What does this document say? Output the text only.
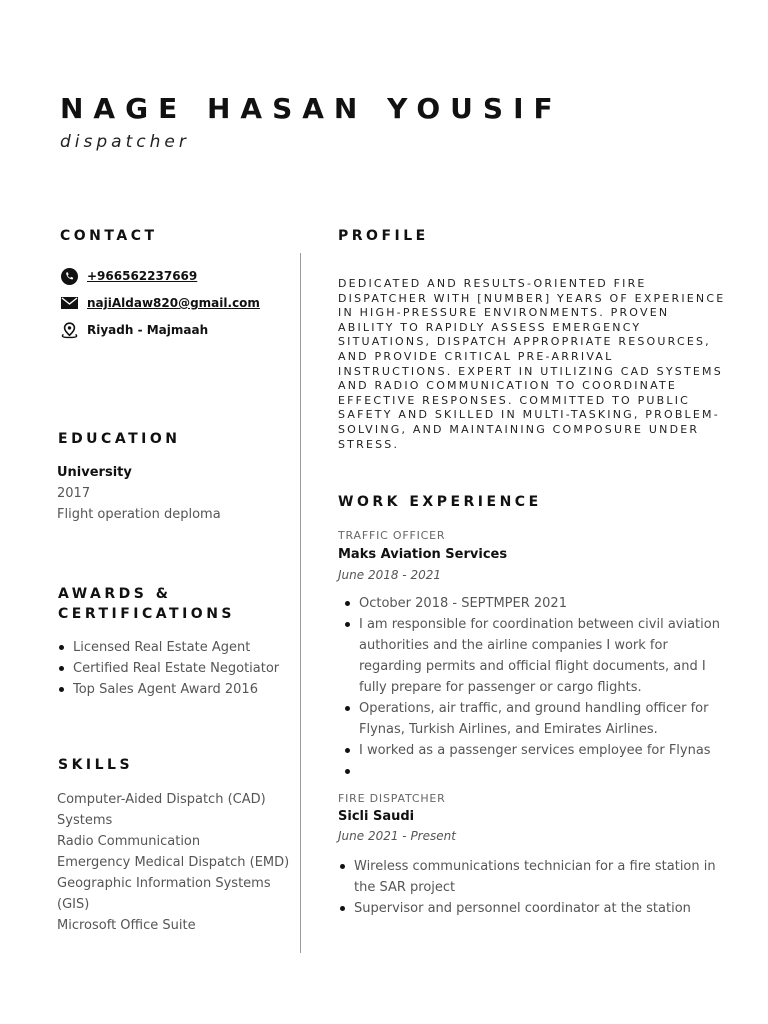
NAGE HASAN YOUSIF
dispatcher
CONTACT
+966562237669
najiAldaw820@gmail.com
Riyadh - Majmaah
EDUCATION
University
2017
Flight operation deploma
AWARDS &
CERTIFICATIONS
Licensed Real Estate Agent
Certified Real Estate Negotiator
Top Sales Agent Award 2016
SKILLS
Computer-Aided Dispatch (CAD)
Systems
Radio Communication
Emergency Medical Dispatch (EMD)
Geographic Information Systems
(GIS)
Microsoft Office Suite
PROFILE
DEDICATED AND RESULTS-ORIENTED FIRE DISPATCHER WITH [NUMBER] YEARS OF EXPERIENCE IN HIGH-PRESSURE ENVIRONMENTS. PROVEN ABILITY TO RAPIDLY ASSESS EMERGENCY SITUATIONS, DISPATCH APPROPRIATE RESOURCES, AND PROVIDE CRITICAL PRE-ARRIVAL INSTRUCTIONS. EXPERT IN UTILIZING CAD SYSTEMS AND RADIO COMMUNICATION TO COORDINATE EFFECTIVE RESPONSES. COMMITTED TO PUBLIC SAFETY AND SKILLED IN MULTI-TASKING, PROBLEM-SOLVING, AND MAINTAINING COMPOSURE UNDER STRESS.
WORK EXPERIENCE
TRAFFIC OFFICER
Maks Aviation Services
June 2018 - 2021
October 2018 - SEPTMPER 2021
I am responsible for coordination between civil aviation authorities and the airline companies I work for regarding permits and official flight documents, and I fully prepare for passenger or cargo flights.
Operations, air traffic, and ground handling officer for Flynas, Turkish Airlines, and Emirates Airlines.
I worked as a passenger services employee for Flynas
FIRE DISPATCHER
Sicli Saudi
June 2021 - Present
Wireless communications technician for a fire station in the SAR project
Supervisor and personnel coordinator at the station
